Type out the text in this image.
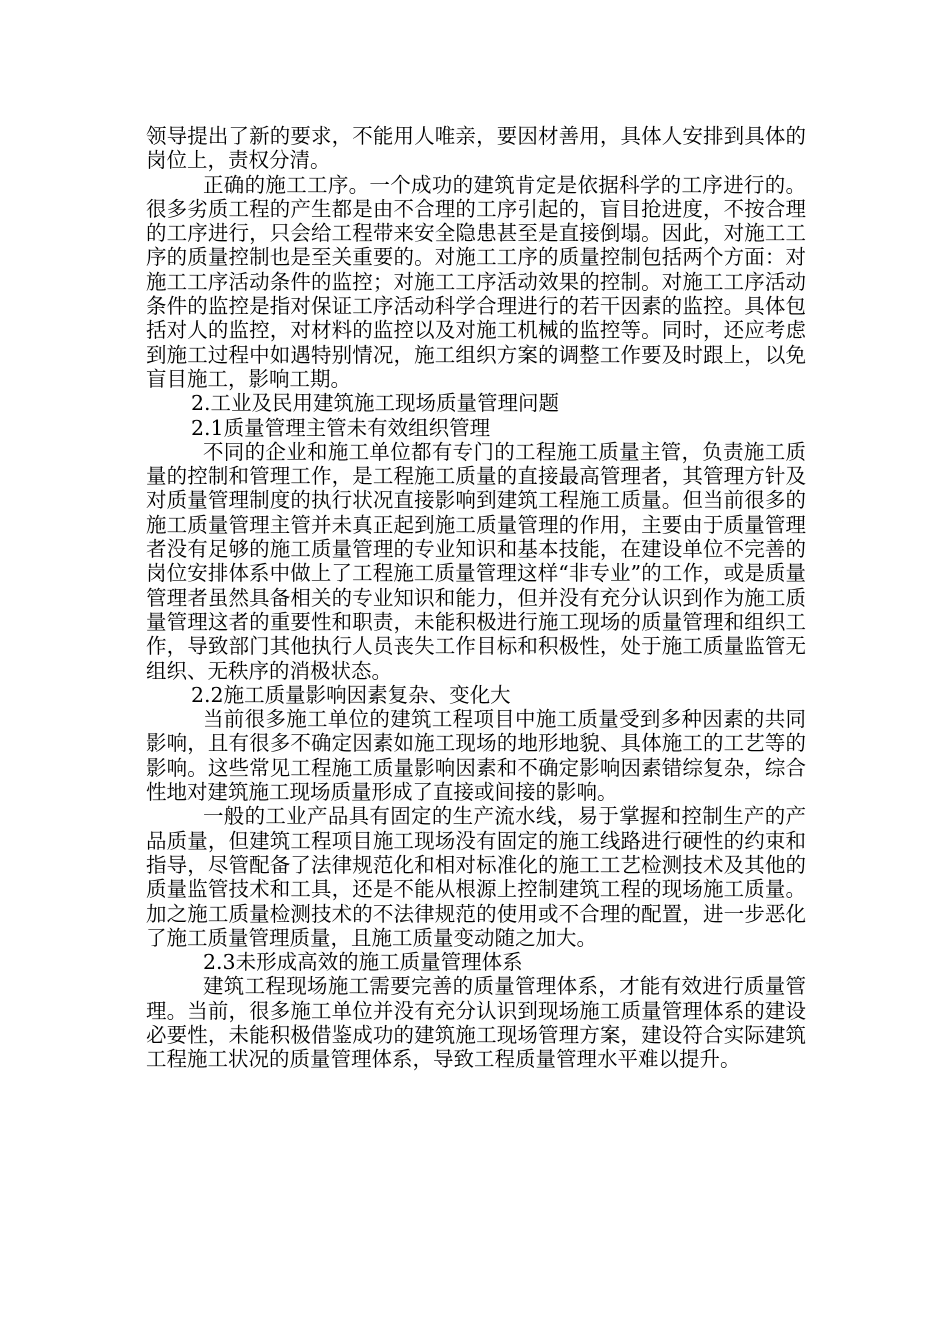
领导提出了新的要求，不能用人唯亲，要因材善用，具体人安排到具体的岗位上，责权分清。

正确的施工工序。一个成功的建筑肯定是依据科学的工序进行的。很多劣质工程的产生都是由不合理的工序引起的，盲目抢进度，不按合理的工序进行，只会给工程带来安全隐患甚至是直接倒塌。因此，对施工工序的质量控制也是至关重要的。对施工工序的质量控制包括两个方面：对施工工序活动条件的监控；对施工工序活动效果的控制。对施工工序活动条件的监控是指对保证工序活动科学合理进行的若干因素的监控。具体包括对人的监控，对材料的监控以及对施工机械的监控等。同时，还应考虑到施工过程中如遇特别情况，施工组织方案的调整工作要及时跟上，以免盲目施工，影响工期。

2.工业及民用建筑施工现场质量管理问题

2.1质量管理主管未有效组织管理

不同的企业和施工单位都有专门的工程施工质量主管，负责施工质量的控制和管理工作，是工程施工质量的直接最高管理者，其管理方针及对质量管理制度的执行状况直接影响到建筑工程施工质量。但当前很多的施工质量管理主管并未真正起到施工质量管理的作用，主要由于质量管理者没有足够的施工质量管理的专业知识和基本技能，在建设单位不完善的岗位安排体系中做上了工程施工质量管理这样“非专业”的工作，或是质量管理者虽然具备相关的专业知识和能力，但并没有充分认识到作为施工质量管理这者的重要性和职责，未能积极进行施工现场的质量管理和组织工作，导致部门其他执行人员丧失工作目标和积极性，处于施工质量监管无组织、无秩序的消极状态。

2.2施工质量影响因素复杂、变化大

当前很多施工单位的建筑工程项目中施工质量受到多种因素的共同影响，且有很多不确定因素如施工现场的地形地貌、具体施工的工艺等的影响。这些常见工程施工质量影响因素和不确定影响因素错综复杂，综合性地对建筑施工现场质量形成了直接或间接的影响。

一般的工业产品具有固定的生产流水线，易于掌握和控制生产的产品质量，但建筑工程项目施工现场没有固定的施工线路进行硬性的约束和指导，尽管配备了法律规范化和相对标准化的施工工艺检测技术及其他的质量监管技术和工具，还是不能从根源上控制建筑工程的现场施工质量。加之施工质量检测技术的不法律规范的使用或不合理的配置，进一步恶化了施工质量管理质量，且施工质量变动随之加大。

2.3未形成高效的施工质量管理体系

建筑工程现场施工需要完善的质量管理体系，才能有效进行质量管理。当前，很多施工单位并没有充分认识到现场施工质量管理体系的建设必要性，未能积极借鉴成功的建筑施工现场管理方案，建设符合实际建筑工程施工状况的质量管理体系，导致工程质量管理水平难以提升。
